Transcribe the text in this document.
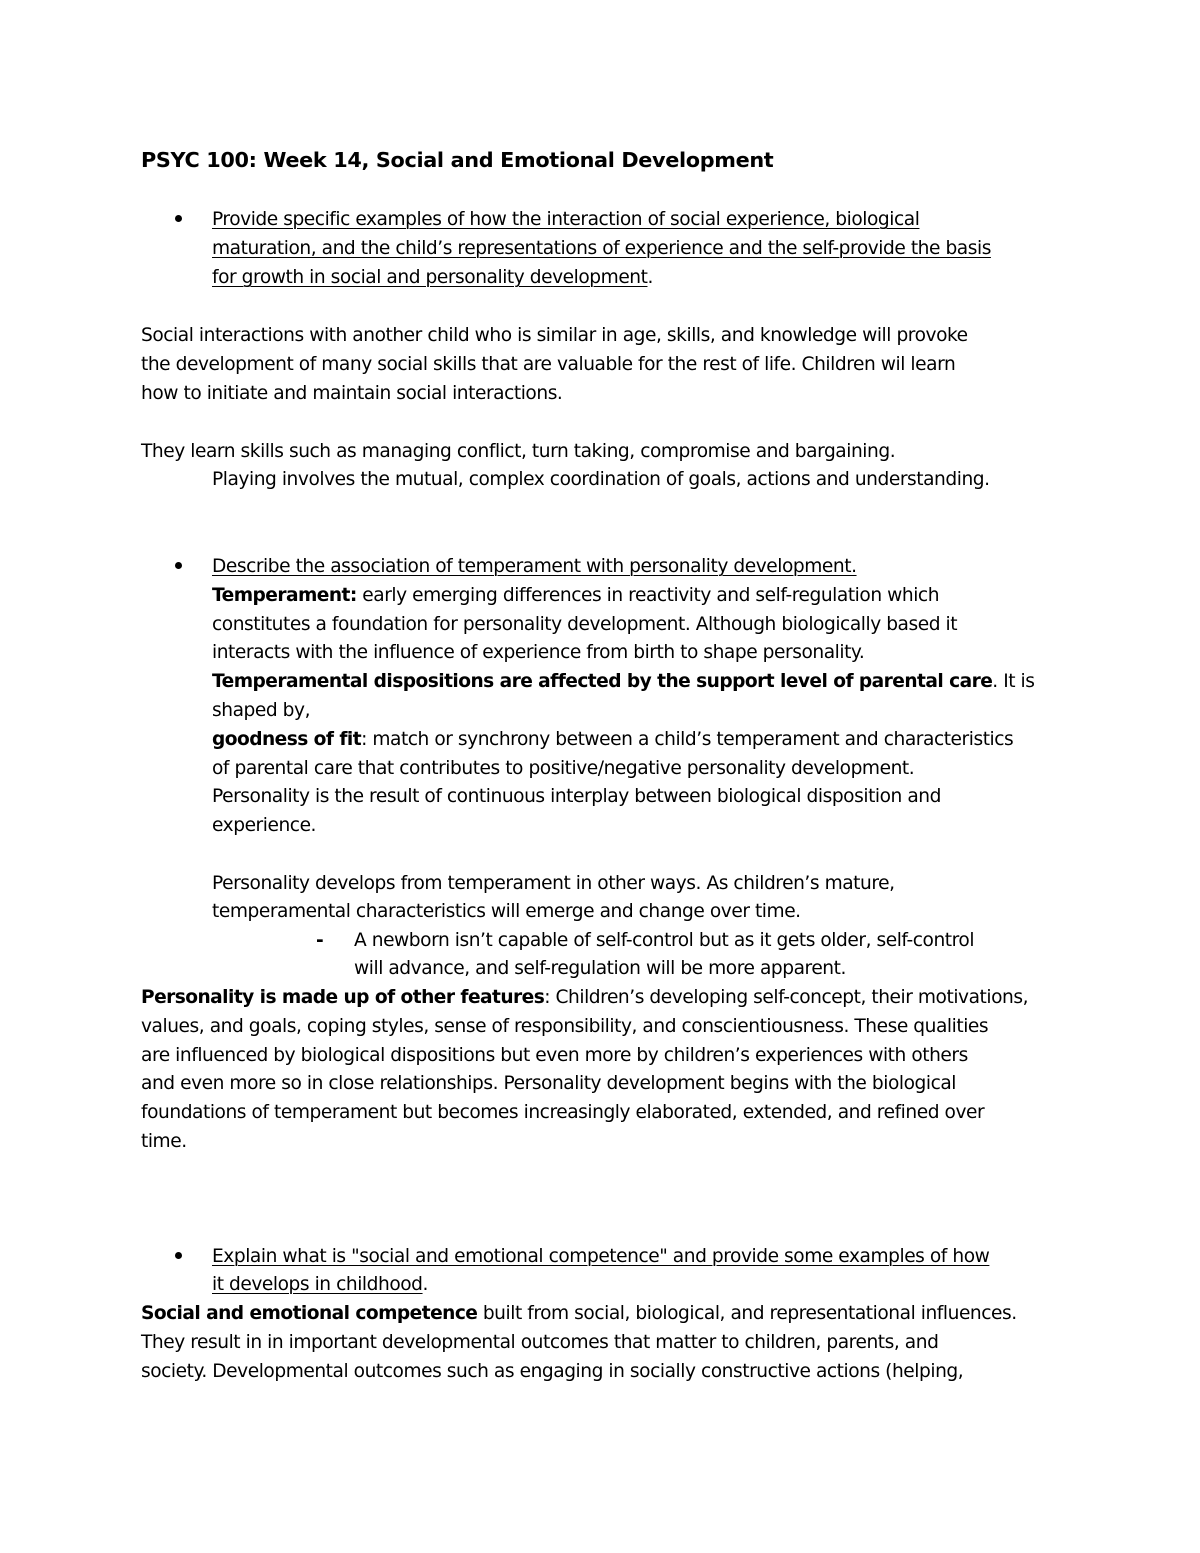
PSYC 100: Week 14, Social and Emotional Development
Provide specific examples of how the interaction of social experience, biological
maturation, and the child’s representations of experience and the self-provide the basis
for growth in social and personality development.
Social interactions with another child who is similar in age, skills, and knowledge will provoke
the development of many social skills that are valuable for the rest of life. Children wil learn
how to initiate and maintain social interactions.
They learn skills such as managing conflict, turn taking, compromise and bargaining.
Playing involves the mutual, complex coordination of goals, actions and understanding.
Describe the association of temperament with personality development.
Temperament: early emerging differences in reactivity and self-regulation which
constitutes a foundation for personality development. Although biologically based it
interacts with the influence of experience from birth to shape personality.
Temperamental dispositions are affected by the support level of parental care. It is
shaped by,
goodness of fit: match or synchrony between a child’s temperament and characteristics
of parental care that contributes to positive/negative personality development.
Personality is the result of continuous interplay between biological disposition and
experience.
Personality develops from temperament in other ways. As children’s mature,
temperamental characteristics will emerge and change over time.
- A newborn isn’t capable of self-control but as it gets older, self-control
will advance, and self-regulation will be more apparent.
Personality is made up of other features: Children’s developing self-concept, their motivations,
values, and goals, coping styles, sense of responsibility, and conscientiousness. These qualities
are influenced by biological dispositions but even more by children’s experiences with others
and even more so in close relationships. Personality development begins with the biological
foundations of temperament but becomes increasingly elaborated, extended, and refined over
time.
Explain what is "social and emotional competence" and provide some examples of how
it develops in childhood.
Social and emotional competence built from social, biological, and representational influences.
They result in in important developmental outcomes that matter to children, parents, and
society. Developmental outcomes such as engaging in socially constructive actions (helping,
